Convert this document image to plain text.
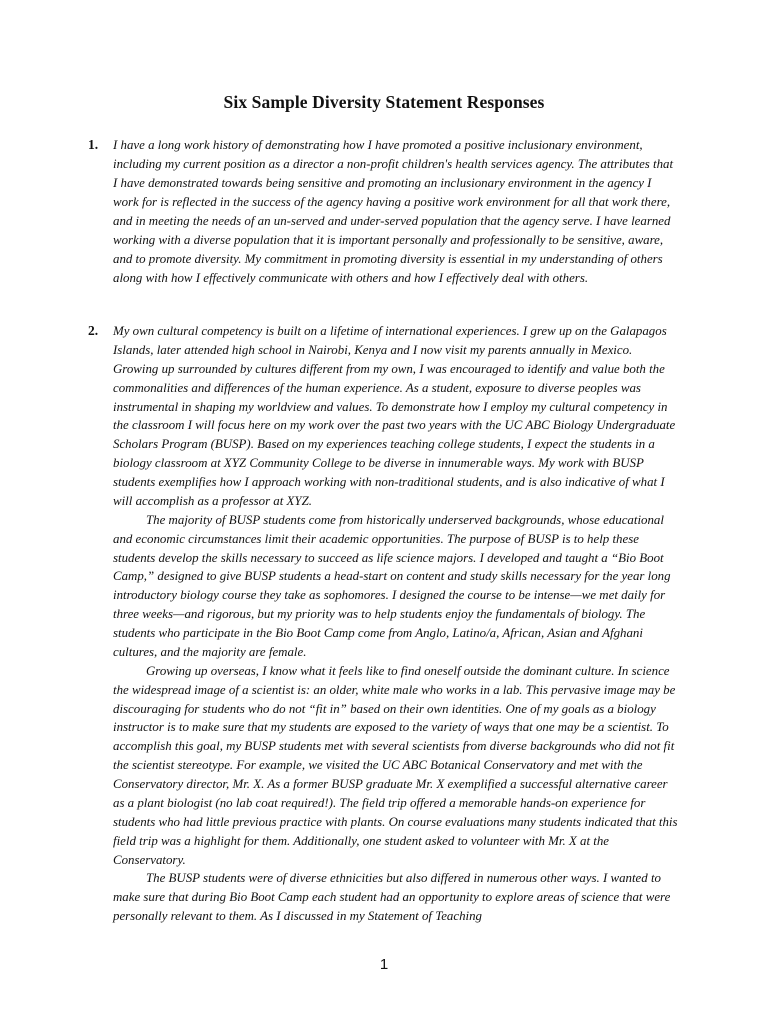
Six Sample Diversity Statement Responses
1. I have a long work history of demonstrating how I have promoted a positive inclusionary environment, including my current position as a director a non-profit children's health services agency. The attributes that I have demonstrated towards being sensitive and promoting an inclusionary environment in the agency I work for is reflected in the success of the agency having a positive work environment for all that work there, and in meeting the needs of an un-served and under-served population that the agency serve. I have learned working with a diverse population that it is important personally and professionally to be sensitive, aware, and to promote diversity. My commitment in promoting diversity is essential in my understanding of others along with how I effectively communicate with others and how I effectively deal with others.

2. My own cultural competency is built on a lifetime of international experiences. I grew up on the Galapagos Islands, later attended high school in Nairobi, Kenya and I now visit my parents annually in Mexico. Growing up surrounded by cultures different from my own, I was encouraged to identify and value both the commonalities and differences of the human experience. As a student, exposure to diverse peoples was instrumental in shaping my worldview and values. To demonstrate how I employ my cultural competency in the classroom I will focus here on my work over the past two years with the UC ABC Biology Undergraduate Scholars Program (BUSP). Based on my experiences teaching college students, I expect the students in a biology classroom at XYZ Community College to be diverse in innumerable ways. My work with BUSP students exemplifies how I approach working with non-traditional students, and is also indicative of what I will accomplish as a professor at XYZ.

The majority of BUSP students come from historically underserved backgrounds, whose educational and economic circumstances limit their academic opportunities. The purpose of BUSP is to help these students develop the skills necessary to succeed as life science majors. I developed and taught a “Bio Boot Camp,” designed to give BUSP students a head-start on content and study skills necessary for the year long introductory biology course they take as sophomores. I designed the course to be intense—we met daily for three weeks—and rigorous, but my priority was to help students enjoy the fundamentals of biology. The students who participate in the Bio Boot Camp come from Anglo, Latino/a, African, Asian and Afghani cultures, and the majority are female.

Growing up overseas, I know what it feels like to find oneself outside the dominant culture. In science the widespread image of a scientist is: an older, white male who works in a lab. This pervasive image may be discouraging for students who do not “fit in” based on their own identities. One of my goals as a biology instructor is to make sure that my students are exposed to the variety of ways that one may be a scientist. To accomplish this goal, my BUSP students met with several scientists from diverse backgrounds who did not fit the scientist stereotype. For example, we visited the UC ABC Botanical Conservatory and met with the Conservatory director, Mr. X. As a former BUSP graduate Mr. X exemplified a successful alternative career as a plant biologist (no lab coat required!). The field trip offered a memorable hands-on experience for students who had little previous practice with plants. On course evaluations many students indicated that this field trip was a highlight for them. Additionally, one student asked to volunteer with Mr. X at the Conservatory.

The BUSP students were of diverse ethnicities but also differed in numerous other ways. I wanted to make sure that during Bio Boot Camp each student had an opportunity to explore areas of science that were personally relevant to them. As I discussed in my Statement of Teaching

1
